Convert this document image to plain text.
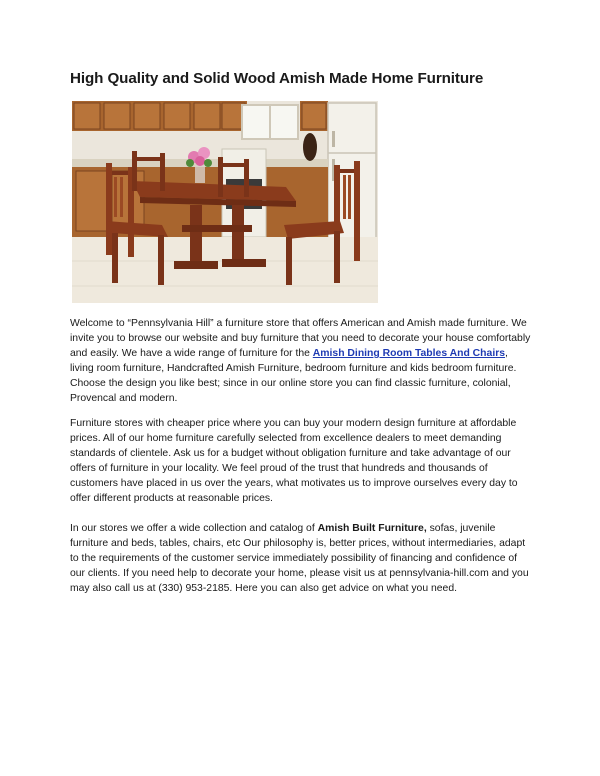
High Quality and Solid Wood Amish Made Home Furniture

Welcome to “Pennsylvania Hill” a furniture store that offers American and Amish made furniture. We invite you to browse our website and buy furniture that you need to decorate your house comfortably and easily. We have a wide range of furniture for the Amish Dining Room Tables And Chairs, living room furniture, Handcrafted Amish Furniture, bedroom furniture and kids bedroom furniture. Choose the design you like best; since in our online store you can find classic furniture, colonial, Provencal and modern.

Furniture stores with cheaper price where you can buy your modern design furniture at affordable prices. All of our home furniture carefully selected from excellence dealers to meet demanding standards of clientele. Ask us for a budget without obligation furniture and take advantage of our offers of furniture in your locality. We feel proud of the trust that hundreds and thousands of customers have placed in us over the years, what motivates us to improve ourselves every day to offer different products at reasonable prices.

In our stores we offer a wide collection and catalog of Amish Built Furniture, sofas, juvenile furniture and beds, tables, chairs, etc Our philosophy is, better prices, without intermediaries, adapt to the requirements of the customer service immediately possibility of financing and confidence of our clients. If you need help to decorate your home, please visit us at pennsylvania-hill.com and you may also call us at (330) 953-2185. Here you can also get advice on what you need.
